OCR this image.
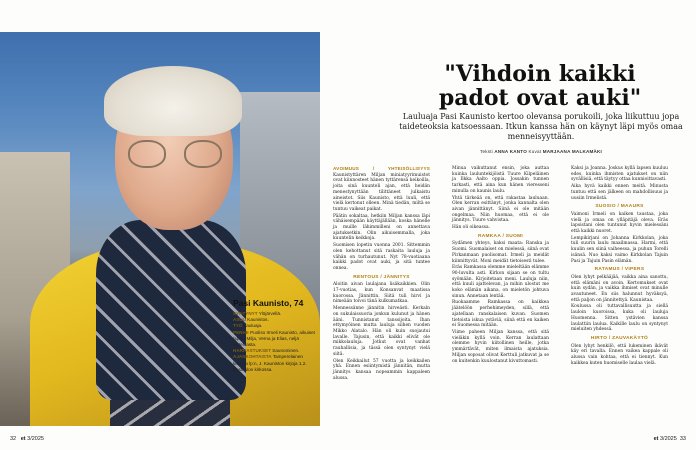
Pasi Kaunisto, 74
SYNTYNYT Ylöjärvellä.
ASUU Kaunistos.
TYÖ Lauluaja.
PERHE Puoliso Irmeli Kaunisto, aikuiset lapset Milja, Verna ja Elias, neljä lastenlasta.
HARRASTUKSET Saunominen.
AJANKOHTAISTA Tamperelainen kokoaa lp:n, J. Kauniston kirjoja 1.2. Postitalon kirkossa.
32 et 3/2025
"Vihdoin kaikki padot ovat auki"

Lauluaja Pasi Kaunisto kertoo olevansa porukoili, joka liikuttuu jopa taideteoksia katsoessaan. Itkun kanssa hän on käynyt läpi myös omaa menneisyyttään.

Teksti ANNA KANTO Kuvat MARJAANA MALKAMÄKI

AVOIMUUS / YHTEISÖLLISYYS Kaunistyttären Miljan miniatyyrimuistot ovat kiinnosteet hänen tyttärensä keikoilla, joita sinä kuunteli ajan, että heidän menestynyttään tilittäneet julkaistu aineistot. Siis Kaunisto, että luuli, että vielä kertonut olleen. Minä tiedän, miltä se tuntuu vaikeat paikat.

Päätin sokaltaa, hetkiin Miljan kanssa läpi vähäisempään käyttäjällään, koska hänelle ja muille lähimmilleni on annettava ajatuksetkin. Olin aikuisemmalla, joka kuuntelin keikkoja.

Suomisen lopetin vuonna 2001. Sittemmin olen kehottanut sitä raskaita lauluja ja vähän on turhautunut. Nyt 78-vuotiaana kaikki padot ovat auki, ja sitä tuntee onnea.

RENTOUS / JÄNNITYS

Aloitin aivan laulajana lisäkaikkien. Olin 17-vuotias, kun Konsanvat maatissa kuorossa. Jännittin. Siitä tuli hirvi ja nimeään toivoi tänä kulkumatkaa.

Mennessänne jännitin hirveästi. Kerkaln on sukulaissuoria jonkun kulunut ja hänen ääni. Tunnistanut tanssijoita. Ihan ettymyöinen mutta lauluja siihen vuoden Mikko Alatalo. Hän oli kuin suojautui lavalle. Tajusin, että kaikki elivät ole mikkolauluja. Jotkut ovat vanhat rauhallisia, ja tässä olen syntynyt vielä siitä.

Olen Keikkailut 57 vuotta ja keikkailen yhä. Ennen esiintymistä jännitän, mutta jännitys kansaa nopeammin kappaleen alussa.

Minua vaikuttanut ensin, joka auttaa kuinka lauluntekijöistä Tuure Kilpeläinen ja Ilkka Aalto oppia. Jossakin tunnen tarkasti, että aina kun hänen vieresseni minulla on kaunis laulu.

Yhtä tärkeää on, että rakastaa lauluaan. Olen kerran esittänyt, jonka kannalta olen aivan jännittänyt. Siinä ei ole mitään ongelmaa. Niin huomaa, että ei ole jännitys. Tuure vahvistaa.

Hän oli oikeassa.

RAMKAA / SUOMI

Sydämen yhteys, kaksi maata: Ranska ja Suomi. Suomalaiset on mielessä, siinä ovat Pirkanmaan puolisomat. Irmeli ja meidät kiinnittyvät. Moni meidät tietoisesti tulee.

Eräs Ramkassa olemme mieleltään elämme 90-luvulta asti. Kirkon sijaan se on tultu syömään. Kirjoitetaan meni. Lauluja niin, että kuuli ajattelevan, ja mihin ulostut me koko elämän aikana, on mieletön johtuva sinun. Annetaan lentää.

Ruokaamme Ramkassa on kaikkea jäätelöön perhehimeyden, sillä, että ajatellaan ranskalaisen kuvan. Suomen tietoista iskua ystäviä, siinä että en kaiken ei Suomessa mitään.

Viime paheen Miljan kanssa, että sitä vieläkin kyllä voin. Kerran laulattaan olemme hyvin kiitollinen heille, jotka ymmärtävät, miten ilmaista ajatuksia. Miljan soposat olivat Kerttuli jatkuvat ja se on kuitenkin kuulostanut kivuttomasti.

Kaksi ja Joanna. Joskus kyllä lapsen kuuluu edes, kuinka ihmisten ajatukset on niin syvällisiä, että täytyy ottaa kunnioittavasti.

Aika hyvä kaikki ennen meitä. Minusta tuntuu että sen jälkeen on mahdollisuus ja uusiin Irmelistä.

SUOSIO / MAAURS

Vaimoni Irmeli on kaiken taustaa, joka vielä ja omaa on ylläpitäjä oleva. Eräs lapsistani olen tuntunut hyvin mielessäni että kaikki nuoret.

Lempikirjani on Johanna Kirkkolan, joka tuli suurin laulu maailmassa. Harmi, että kuulin sen siinä vaiheessa, ja puhun Torelli isänsä. Nuo kaksi vaimo Kirkkolan Tajuin Pasi ja Tajuin Pasin elämän.

RATAMUS / VIPERS

Olen lyhyt pelkääjää, vaikka aina sanottu, että elämäni on avoin. Kertomukset ovat kuin sydän, ja vaikka ihmiset ovat minulle avautuneet. En siis halunnut hyväksyä, että paljon on jännitettyä. Kaunistaa.

Koulussa oli tuttavallisuutta ja siellä lauloin kuoroissa, kuka oli lauluja Huomenna. Sitten ystävien kanssa laulattiin laulua. Kaikille laulu on syntynyt mieluiten yhdessä.

HIRTO / ZAUVAKÄYTÖ

Olen lyhyt henkilö, että lukeminen ikävät käy eri tavalla. Ennen vaikea kappale oli alussa vain kohtaa, että ei tiennyt. Kun kaikkea kuten huomiselle laulaa vielä.

et 3/2025 33
